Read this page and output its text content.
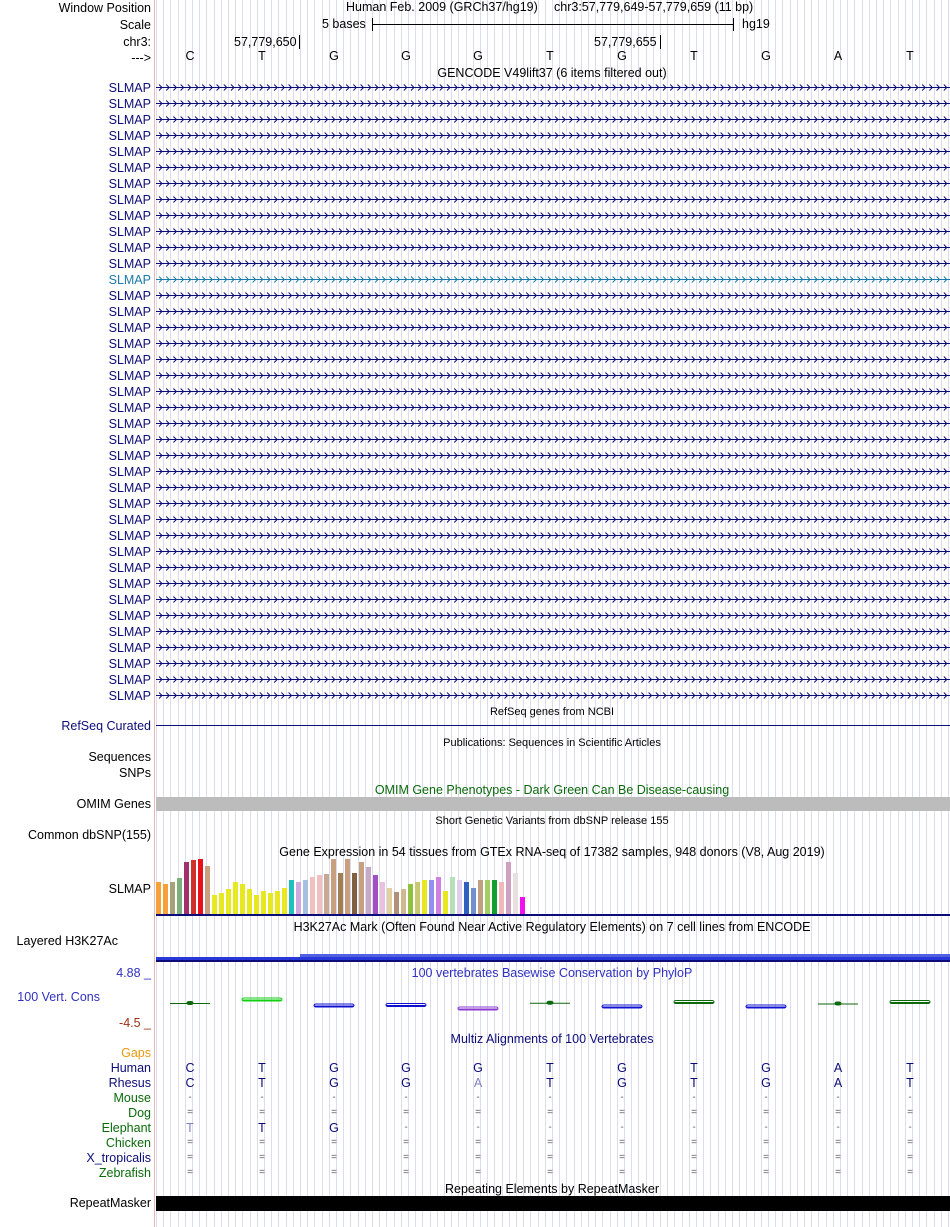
Window Position
Scale
chr3:
--->
SLMAP
SLMAP
SLMAP
SLMAP
SLMAP
SLMAP
SLMAP
SLMAP
SLMAP
SLMAP
SLMAP
SLMAP
SLMAP
SLMAP
SLMAP
SLMAP
SLMAP
SLMAP
SLMAP
SLMAP
SLMAP
SLMAP
SLMAP
SLMAP
SLMAP
SLMAP
SLMAP
SLMAP
SLMAP
SLMAP
SLMAP
SLMAP
SLMAP
SLMAP
SLMAP
SLMAP
SLMAP
SLMAP
SLMAP
RefSeq Curated
Sequences
SNPs
OMIM Genes
Common dbSNP(155)
SLMAP
Layered H3K27Ac
4.88 _
100 Vert. Cons
-4.5 _
Gaps
Human
Rhesus
Mouse
Dog
Elephant
Chicken
X_tropicalis
Zebrafish
RepeatMasker
Human Feb. 2009 (GRCh37/hg19) chr3:57,779,649-57,779,659 (11 bp)
5 bases	hg19
57,779,650	57,779,655
C	T	G	G	G	T	G	T	G	A	T
GENCODE V49lift37 (6 items filtered out)
RefSeq genes from NCBI
Publications: Sequences in Scientific Articles
OMIM Gene Phenotypes - Dark Green Can Be Disease-causing
Short Genetic Variants from dbSNP release 155
Gene Expression in 54 tissues from GTEx RNA-seq of 17382 samples, 948 donors (V8, Aug 2019)
H3K27Ac Mark (Often Found Near Active Regulatory Elements) on 7 cell lines from ENCODE
100 vertebrates Basewise Conservation by PhyloP
Multiz Alignments of 100 Vertebrates
C	T	G	G	G	T	G	T	G	A	T
C	T	G	G	A	T	G	T	G	A	T
-	-	-	-	-	-	-	-	-	-	-
=	=	=	=	=	=	=	=	=	=	=
T	T	G	-	-	-	-	-	-	-	-
=	=	=	=	=	=	=	=	=	=	=
=	=	=	=	=	=	=	=	=	=	=
=	=	=	=	=	=	=	=	=	=	=
Repeating Elements by RepeatMasker
